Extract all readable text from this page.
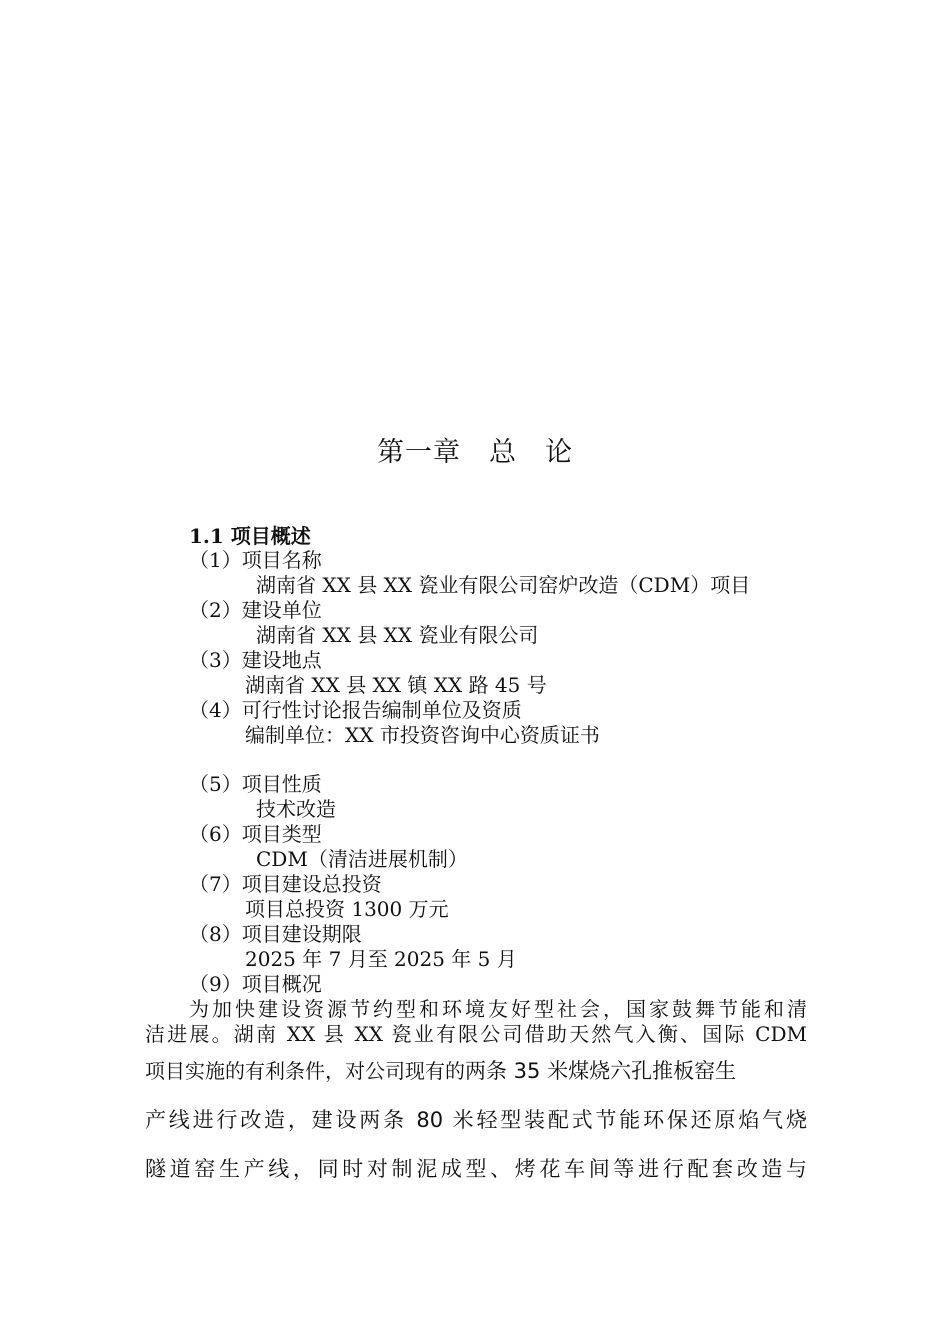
第一章　总　论
1.1 项目概述
（1）项目名称
湖南省 XX 县 XX 瓷业有限公司窑炉改造（CDM）项目
（2）建设单位
湖南省 XX 县 XX 瓷业有限公司
（3）建设地点
湖南省 XX 县 XX 镇 XX 路 45 号
（4）可行性讨论报告编制单位及资质
编制单位：XX 市投资咨询中心资质证书
（5）项目性质
技术改造
（6）项目类型
CDM（清洁进展机制）
（7）项目建设总投资
项目总投资 1300 万元
（8）项目建设期限
2025 年 7 月至 2025 年 5 月
（9）项目概况
为加快建设资源节约型和环境友好型社会，国家鼓舞节能和清
洁进展。湖南 XX 县 XX 瓷业有限公司借助天然气入衡、国际 CDM
项目实施的有利条件，对公司现有的两条 35 米煤烧六孔推板窑生
产线进行改造，建设两条 80 米轻型装配式节能环保还原焰气烧
隧道窑生产线，同时对制泥成型、烤花车间等进行配套改造与
